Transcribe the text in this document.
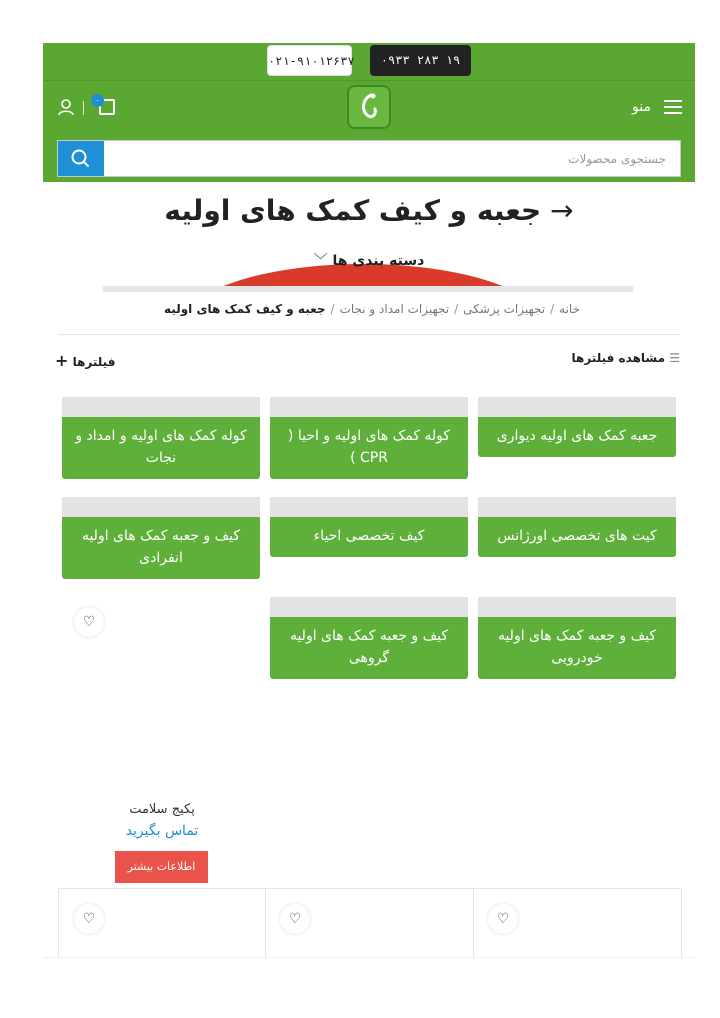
۰۲۱-۹۱۰۱۲۶۳۷	۰۹۳۳ ۲۸۳ ۱۹
۰	منو
جستجوی محصولات
→ جعبه و کیف کمک های اولیه
دسته بندی ها ﹀
خانه/تجهیزات پزشکی/تجهیزات امداد و نجات/جعبه و کیف کمک های اولیه
☰ مشاهده فیلترها
فیلترها +
جعبه کمک های اولیه دیواری
کوله کمک های اولیه و احیا ( CPR )
کوله کمک های اولیه و امداد و نجات
کیت های تخصصی اورژانس
کیف تخصصی احیاء
کیف و جعبه کمک های اولیه انفرادی
کیف و جعبه کمک های اولیه خودرویی
کیف و جعبه کمک های اولیه گروهی
♡
پکیج سلامت
تماس بگیرید
اطلاعات بیشتر
♡	♡	♡
